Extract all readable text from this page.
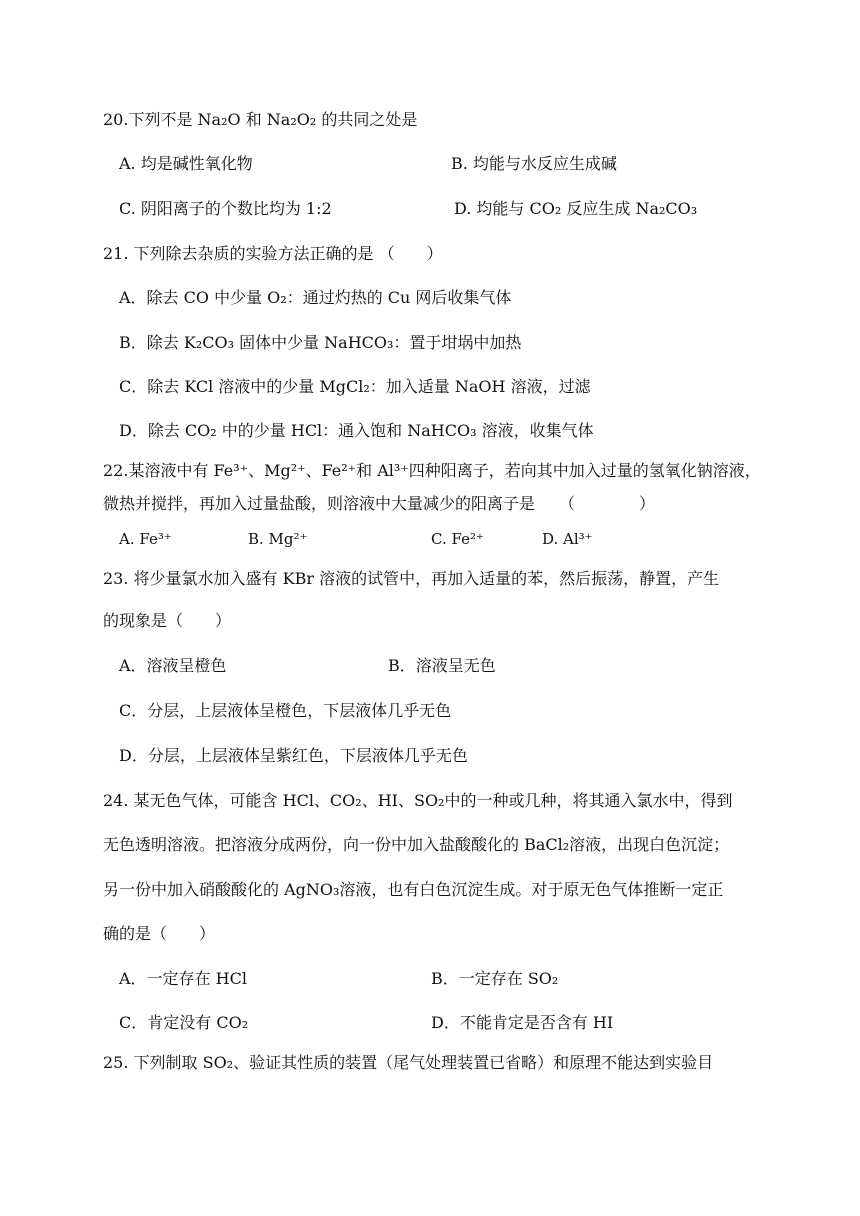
20.下列不是 Na₂O 和 Na₂O₂ 的共同之处是
A. 均是碱性氧化物	B. 均能与水反应生成碱
C. 阴阳离子的个数比均为 1:2	D. 均能与 CO₂ 反应生成 Na₂CO₃
21. 下列除去杂质的实验方法正确的是 （　　）
A．除去 CO 中少量 O₂：通过灼热的 Cu 网后收集气体
B．除去 K₂CO₃ 固体中少量 NaHCO₃：置于坩埚中加热
C．除去 KCl 溶液中的少量 MgCl₂：加入适量 NaOH 溶液，过滤
D．除去 CO₂ 中的少量 HCl：通入饱和 NaHCO₃ 溶液，收集气体
22.某溶液中有 Fe³⁺、Mg²⁺、Fe²⁺和 Al³⁺四种阳离子，若向其中加入过量的氢氧化钠溶液，
微热并搅拌，再加入过量盐酸，则溶液中大量减少的阳离子是　　（　　　　）
A. Fe³⁺	B. Mg²⁺	C. Fe²⁺	D. Al³⁺
23. 将少量氯水加入盛有 KBr 溶液的试管中，再加入适量的苯，然后振荡，静置，产生
的现象是（　　）
A．溶液呈橙色	B．溶液呈无色
C．分层，上层液体呈橙色，下层液体几乎无色
D．分层，上层液体呈紫红色，下层液体几乎无色
24. 某无色气体，可能含 HCl、CO₂、HI、SO₂中的一种或几种，将其通入氯水中，得到
无色透明溶液。把溶液分成两份，向一份中加入盐酸酸化的 BaCl₂溶液，出现白色沉淀；
另一份中加入硝酸酸化的 AgNO₃溶液，也有白色沉淀生成。对于原无色气体推断一定正
确的是（　　）
A．一定存在 HCl	B．一定存在 SO₂
C．肯定没有 CO₂	D．不能肯定是否含有 HI
25. 下列制取 SO₂、验证其性质的装置（尾气处理装置已省略）和原理不能达到实验目
